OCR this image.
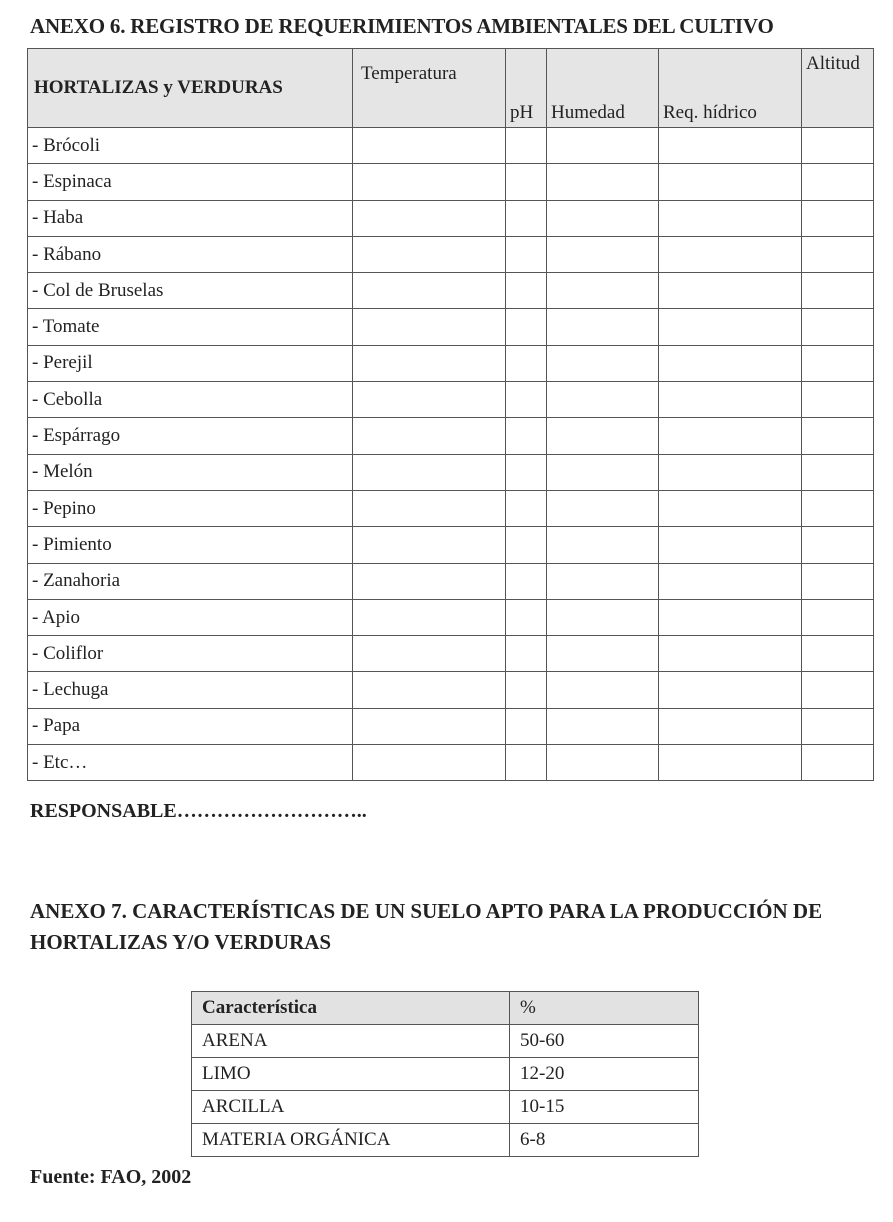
ANEXO 6. REGISTRO DE REQUERIMIENTOS AMBIENTALES DEL CULTIVO
HORTALIZAS y VERDURAS	Temperatura	pH	Humedad	Req. hídrico	Altitud
- Brócoli					
- Espinaca					
- Haba					
- Rábano					
- Col de Bruselas					
- Tomate					
- Perejil					
- Cebolla					
- Espárrago					
- Melón					
- Pepino					
- Pimiento					
- Zanahoria					
- Apio					
- Coliflor					
- Lechuga					
- Papa					
- Etc…					
RESPONSABLE………………………..
ANEXO 7. CARACTERÍSTICAS DE UN SUELO APTO PARA LA PRODUCCIÓN DE HORTALIZAS Y/O VERDURAS
Característica	%
ARENA	50-60
LIMO	12-20
ARCILLA	10-15
MATERIA ORGÁNICA	6-8
Fuente: FAO, 2002
